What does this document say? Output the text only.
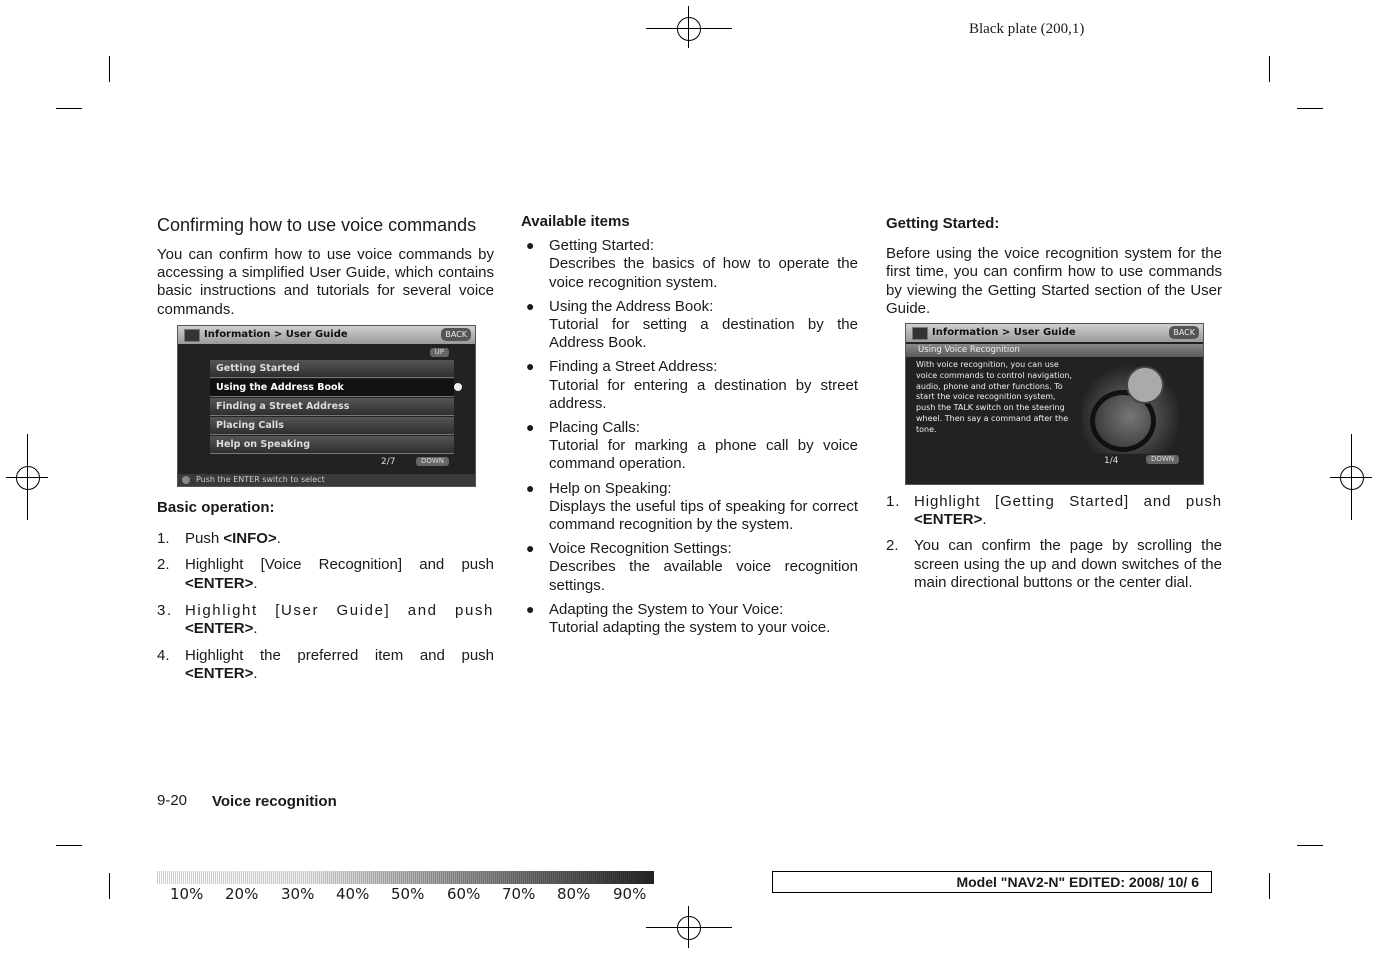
Black plate (200,1)
Confirming how to use voice commands

You can confirm how to use voice commands by accessing a simplified User Guide, which contains basic instructions and tutorials for several voice commands.

Information > User Guide	BACK
UP
Getting Started
Using the Address Book
Finding a Street Address
Placing Calls
Help on Speaking
2/7	DOWN
Push the ENTER switch to select
Basic operation:
1. Push <INFO>.
2. Highlight [Voice Recognition] and push <ENTER>.
3. Highlight [User Guide] and push <ENTER>.
4. Highlight the preferred item and push <ENTER>.
Available items
● Getting Started:
Describes the basics of how to operate the voice recognition system.
● Using the Address Book:
Tutorial for setting a destination by the Address Book.
● Finding a Street Address:
Tutorial for entering a destination by street address.
● Placing Calls:
Tutorial for marking a phone call by voice command operation.
● Help on Speaking:
Displays the useful tips of speaking for correct command recognition by the system.
● Voice Recognition Settings:
Describes the available voice recognition settings.
● Adapting the System to Your Voice:
Tutorial adapting the system to your voice.
Getting Started:

Before using the voice recognition system for the first time, you can confirm how to use commands by viewing the Getting Started section of the User Guide.

Information > User Guide	BACK
Using Voice Recognition
With voice recognition, you can use voice commands to control navigation, audio, phone and other functions. To start the voice recognition system, push the TALK switch on the steering wheel. Then say a command after the tone.
1/4	DOWN
1. Highlight [Getting Started] and push <ENTER>.
2. You can confirm the page by scrolling the screen using the up and down switches of the main directional buttons or the center dial.
9-20 Voice recognition
10% 20% 30% 40% 50% 60% 70% 80% 90%
Model "NAV2-N" EDITED: 2008/ 10/ 6
